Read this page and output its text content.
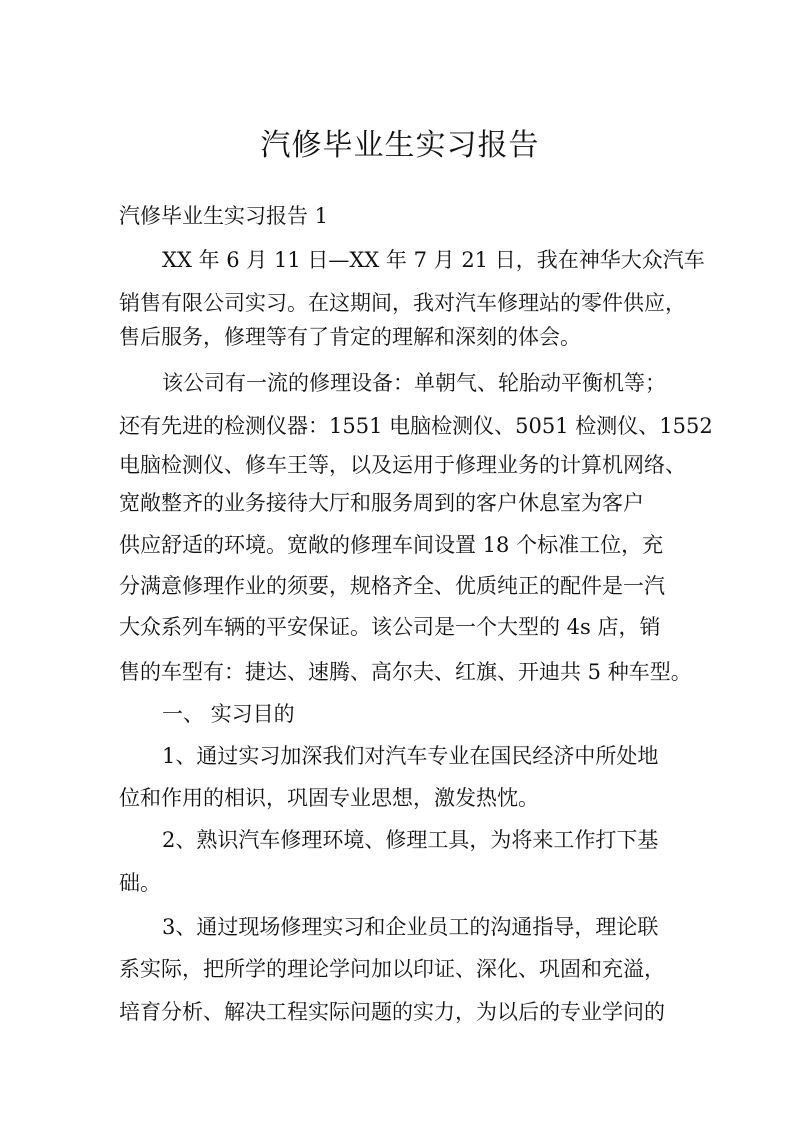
汽修毕业生实习报告

汽修毕业生实习报告 1

XX 年 6 月 11 日—XX 年 7 月 21 日，我在神华大众汽车

销售有限公司实习。在这期间，我对汽车修理站的零件供应，

售后服务，修理等有了肯定的理解和深刻的体会。

该公司有一流的修理设备：单朝气、轮胎动平衡机等；

还有先进的检测仪器：1551 电脑检测仪、5051 检测仪、1552

电脑检测仪、修车王等，以及运用于修理业务的计算机网络、

宽敞整齐的业务接待大厅和服务周到的客户休息室为客户

供应舒适的环境。宽敞的修理车间设置 18 个标准工位，充

分满意修理作业的须要，规格齐全、优质纯正的配件是一汽

大众系列车辆的平安保证。该公司是一个大型的 4s 店，销

售的车型有：捷达、速腾、高尔夫、红旗、开迪共 5 种车型。

一、 实习目的

1、通过实习加深我们对汽车专业在国民经济中所处地

位和作用的相识，巩固专业思想，激发热忱。

2、熟识汽车修理环境、修理工具，为将来工作打下基

础。

3、通过现场修理实习和企业员工的沟通指导，理论联

系实际，把所学的理论学问加以印证、深化、巩固和充溢，

培育分析、解决工程实际问题的实力，为以后的专业学问的
